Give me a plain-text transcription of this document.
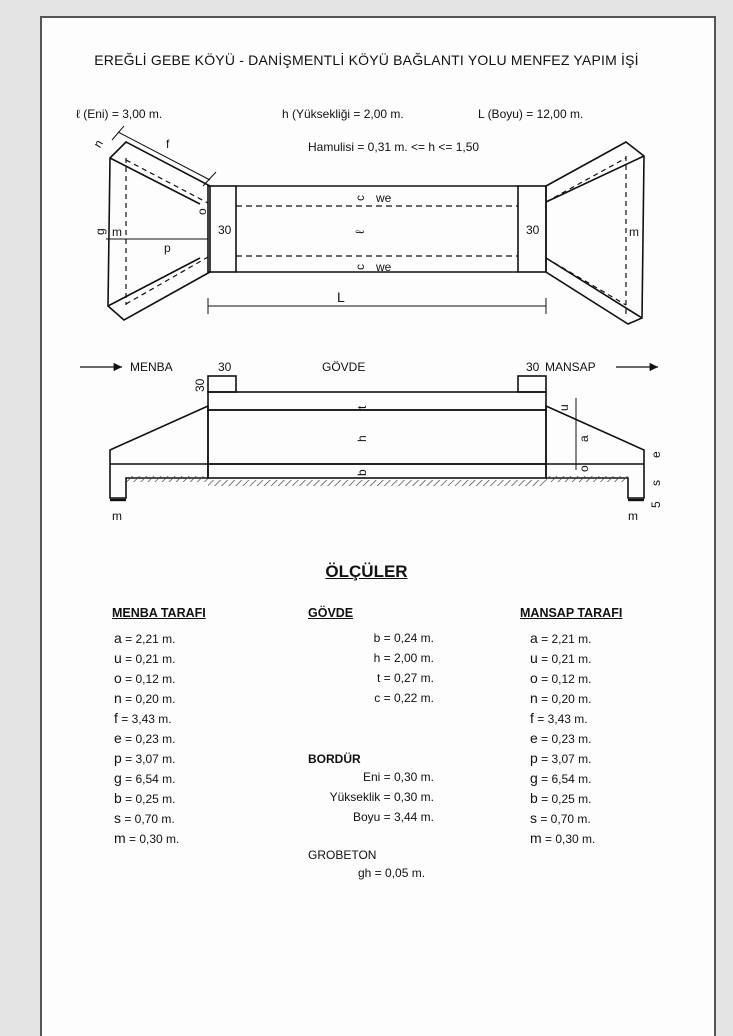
EREĞLİ GEBE KÖYÜ - DANİŞMENTLİ KÖYÜ BAĞLANTI YOLU MENFEZ YAPIM İŞİ
ℓ (Eni) = 3,00 m.	h (Yüksekliği = 2,00 m.	L (Boyu) = 12,00 m.
Hamulisi = 0,31 m. <= h <= 1,50
n	f
o
g m
p
30
c we
ℓ
c we
30	m
L
MENBA	30	GÖVDE	30 MANSAP
30
t	u
h	a
b
o
e
s
5
m	m
ÖLÇÜLER
MENBA TARAFI
a = 2,21 m.
u = 0,21 m.
o = 0,12 m.
n = 0,20 m.
f = 3,43 m.
e = 0,23 m.
p = 3,07 m.
g = 6,54 m.
b = 0,25 m.
s = 0,70 m.
m = 0,30 m.
GÖVDE
b = 0,24 m.
h = 2,00 m.
t = 0,27 m.
c = 0,22 m.
BORDÜR
Eni = 0,30 m.
Yükseklik = 0,30 m.
Boyu = 3,44 m.
GROBETON
gh = 0,05 m.
MANSAP TARAFI
a = 2,21 m.
u = 0,21 m.
o = 0,12 m.
n = 0,20 m.
f = 3,43 m.
e = 0,23 m.
p = 3,07 m.
g = 6,54 m.
b = 0,25 m.
s = 0,70 m.
m = 0,30 m.
